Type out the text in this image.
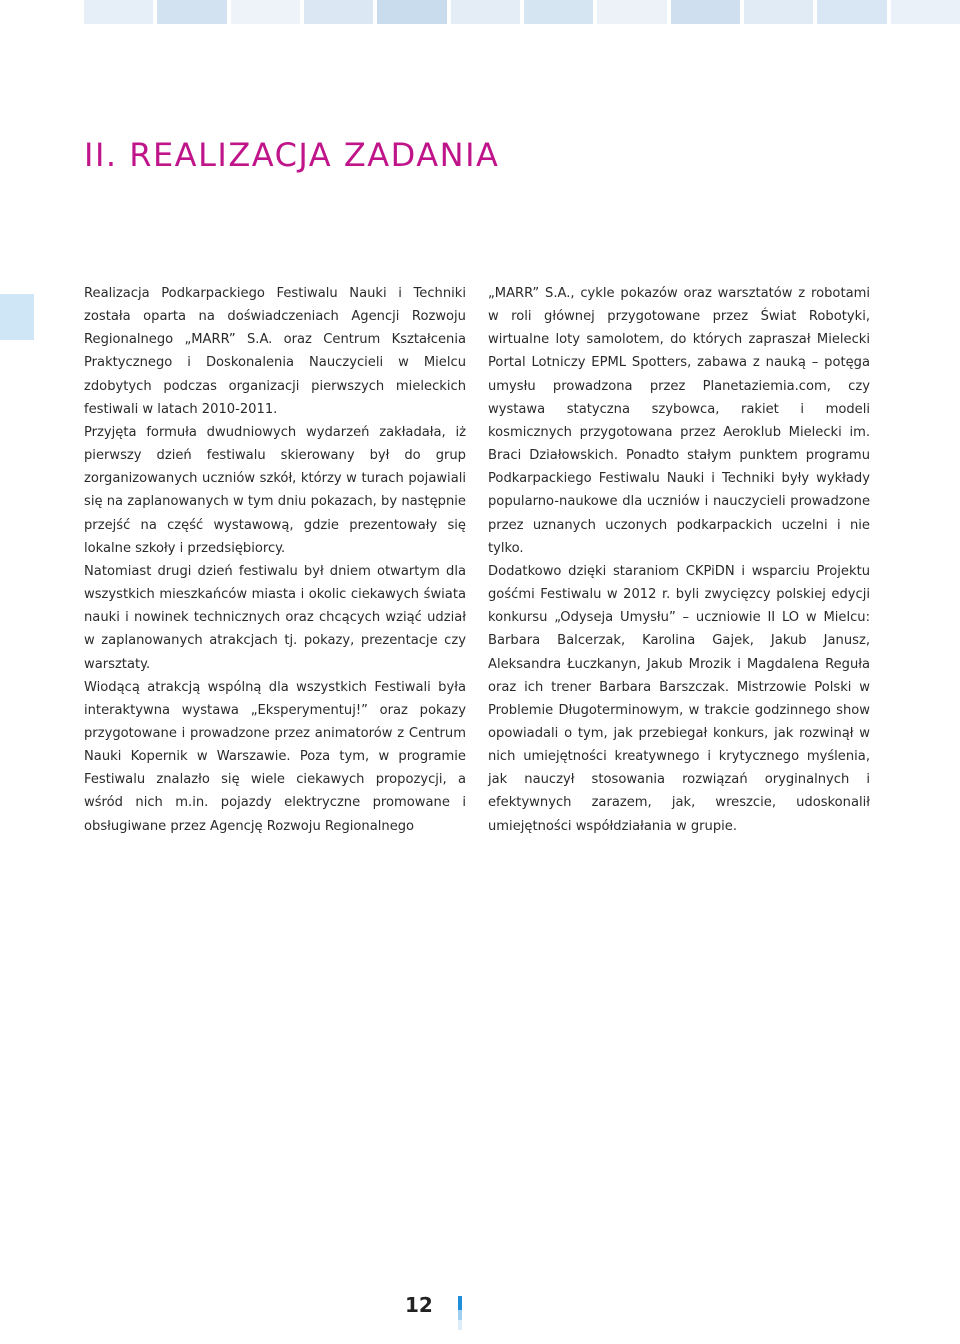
II. REALIZACJA ZADANIA

Realizacja Podkarpackiego Festiwalu Nauki i Techniki została oparta na doświadczeniach Agencji Rozwoju Regionalnego „MARR” S.A. oraz Centrum Kształcenia Praktycznego i Doskonalenia Nauczycieli w Mielcu zdobytych podczas organizacji pierwszych mieleckich festiwali w latach 2010-2011.

Przyjęta formuła dwudniowych wydarzeń zakładała, iż pierwszy dzień festiwalu skierowany był do grup zorganizowanych uczniów szkół, którzy w turach pojawiali się na zaplanowanych w tym dniu pokazach, by następnie przejść na część wystawową, gdzie prezentowały się lokalne szkoły i przedsiębiorcy.

Natomiast drugi dzień festiwalu był dniem otwartym dla wszystkich mieszkańców miasta i okolic ciekawych świata nauki i nowinek technicznych oraz chcących wziąć udział w zaplanowanych atrakcjach tj. pokazy, prezentacje czy warsztaty.

Wiodącą atrakcją wspólną dla wszystkich Festiwali była interaktywna wystawa „Eksperymentuj!” oraz pokazy przygotowane i prowadzone przez animatorów z Centrum Nauki Kopernik w Warszawie. Poza tym, w programie Festiwalu znalazło się wiele ciekawych propozycji, a wśród nich m.in. pojazdy elektryczne promowane i obsługiwane przez Agencję Rozwoju Regionalnego

„MARR” S.A., cykle pokazów oraz warsztatów z robotami w roli głównej przygotowane przez Świat Robotyki, wirtualne loty samolotem, do których zapraszał Mielecki Portal Lotniczy EPML Spotters, zabawa z nauką – potęga umysłu prowadzona przez Planetaziemia.com, czy wystawa statyczna szybowca, rakiet i modeli kosmicznych przygotowana przez Aeroklub Mielecki im. Braci Działowskich. Ponadto stałym punktem programu Podkarpackiego Festiwalu Nauki i Techniki były wykłady popularno-naukowe dla uczniów i nauczycieli prowadzone przez uznanych uczonych podkarpackich uczelni i nie tylko.

Dodatkowo dzięki staraniom CKPiDN i wsparciu Projektu gośćmi Festiwalu w 2012 r. byli zwycięzcy polskiej edycji konkursu „Odyseja Umysłu” – uczniowie II LO w Mielcu: Barbara Balcerzak, Karolina Gajek, Jakub Janusz, Aleksandra Łuczkanyn, Jakub Mrozik i Magdalena Reguła oraz ich trener Barbara Barszczak. Mistrzowie Polski w Problemie Długoterminowym, w trakcie godzinnego show opowiadali o tym, jak przebiegał konkurs, jak rozwinął w nich umiejętności kreatywnego i krytycznego myślenia, jak nauczył stosowania rozwiązań oryginalnych i efektywnych zarazem, jak, wreszcie, udoskonalił umiejętności współdziałania w grupie.

12
